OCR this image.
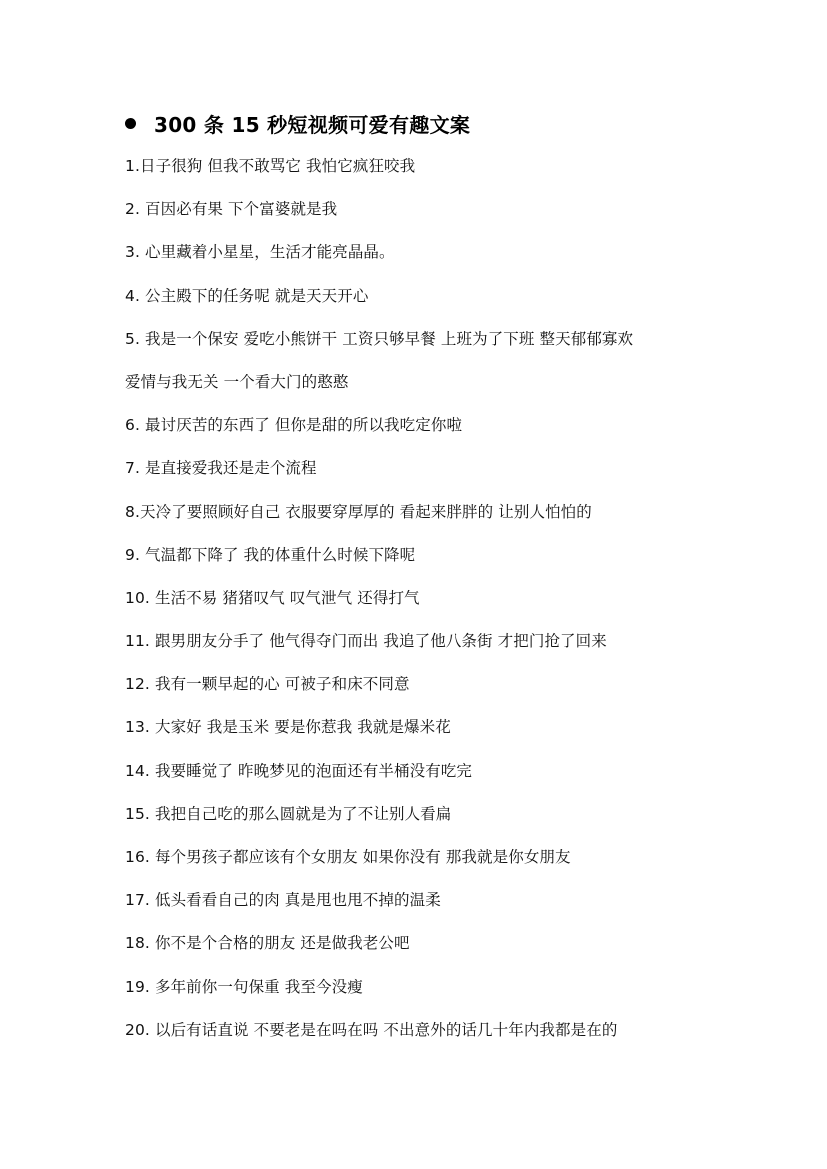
300 条 15 秒短视频可爱有趣文案
1.日子很狗 但我不敢骂它 我怕它疯狂咬我
2. 百因必有果 下个富婆就是我
3. 心里藏着小星星，生活才能亮晶晶。
4. 公主殿下的任务呢 就是天天开心
5. 我是一个保安 爱吃小熊饼干 工资只够早餐 上班为了下班 整天郁郁寡欢
爱情与我无关 一个看大门的憨憨
6. 最讨厌苦的东西了 但你是甜的所以我吃定你啦
7. 是直接爱我还是走个流程
8.天冷了要照顾好自己 衣服要穿厚厚的 看起来胖胖的 让别人怕怕的
9. 气温都下降了 我的体重什么时候下降呢
10. 生活不易 猪猪叹气 叹气泄气 还得打气
11. 跟男朋友分手了 他气得夺门而出 我追了他八条街 才把门抢了回来
12. 我有一颗早起的心 可被子和床不同意
13. 大家好 我是玉米 要是你惹我 我就是爆米花
14. 我要睡觉了 昨晚梦见的泡面还有半桶没有吃完
15. 我把自己吃的那么圆就是为了不让别人看扁
16. 每个男孩子都应该有个女朋友 如果你没有 那我就是你女朋友
17. 低头看看自己的肉 真是甩也甩不掉的温柔
18. 你不是个合格的朋友 还是做我老公吧
19. 多年前你一句保重 我至今没瘦
20. 以后有话直说 不要老是在吗在吗 不出意外的话几十年内我都是在的
